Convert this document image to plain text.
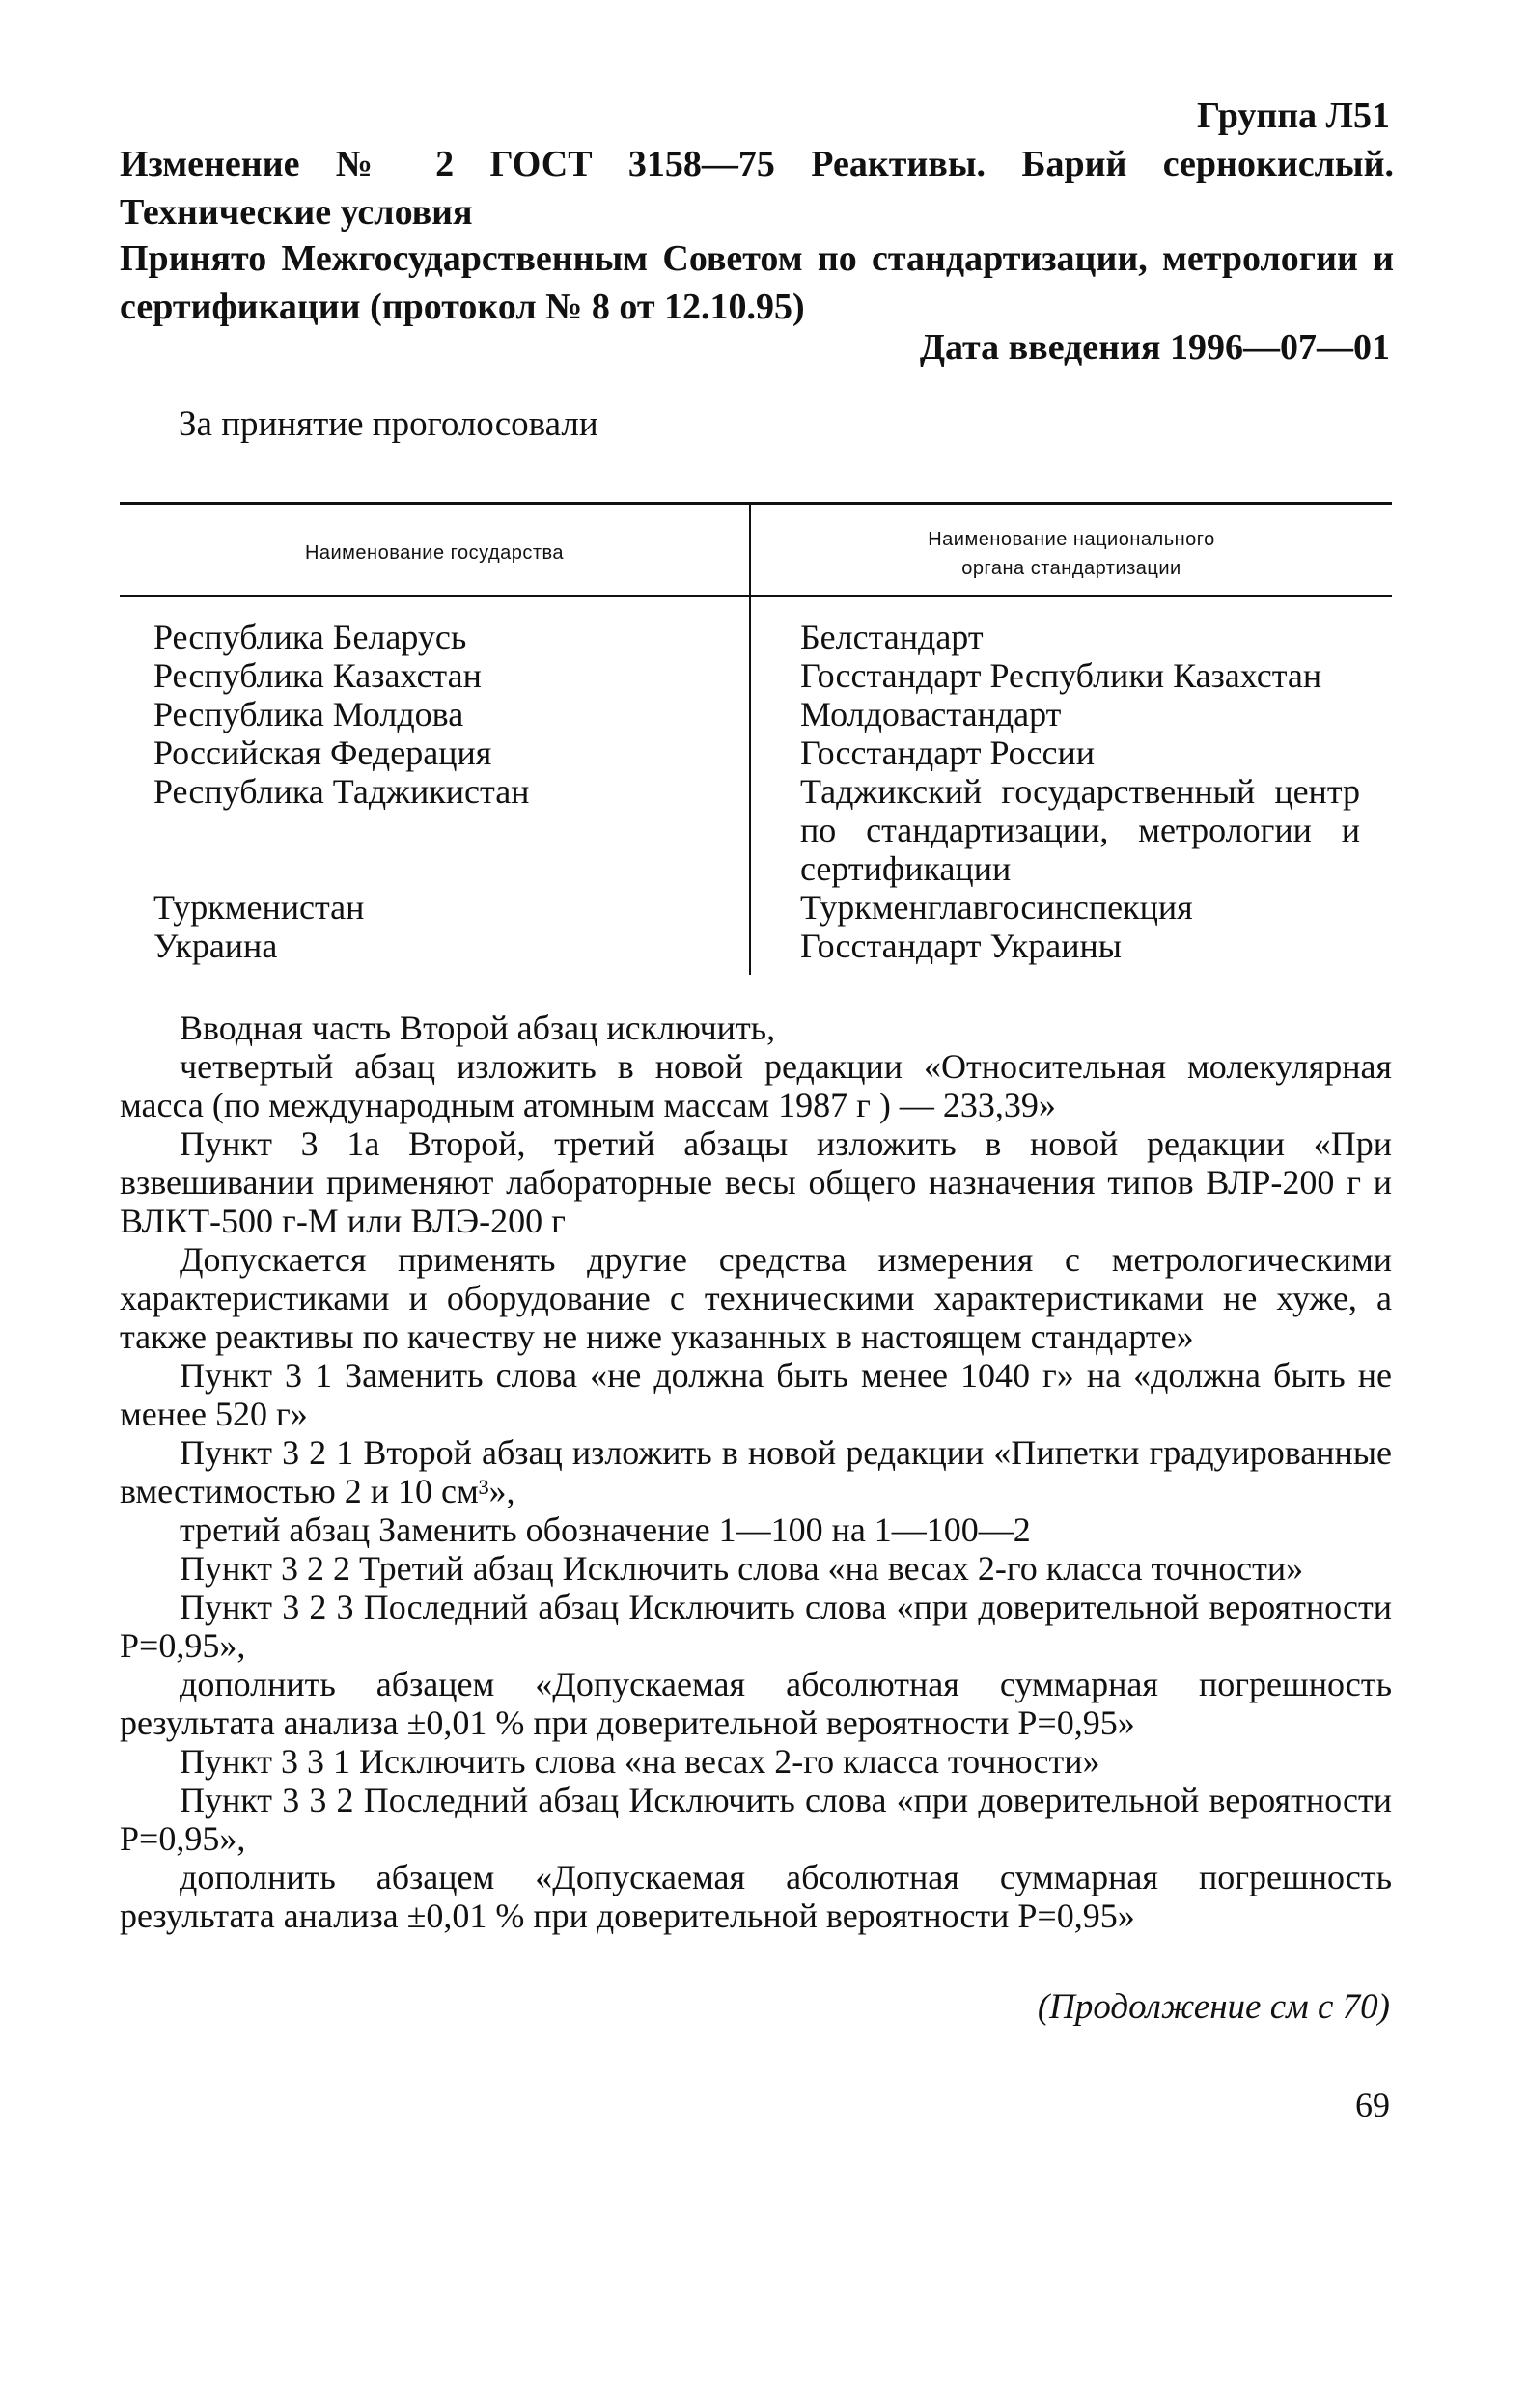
Группа Л51
Изменение № 2 ГОСТ 3158—75 Реактивы. Барий сернокислый. Технические условия
Принято Межгосударственным Советом по стандартизации, метрологии и сертификации (протокол № 8 от 12.10.95)
Дата введения 1996—07—01
За принятие проголосовали
Наименование государства
Наименование национального
органа стандартизации
Республика Беларусь
Республика Казахстан
Республика Молдова
Российская Федерация
Республика Таджикистан
Туркменистан
Украина
Белстандарт
Госстандарт Республики Казахстан
Молдовастандарт
Госстандарт России
Таджикский государственный центр по стандартизации, метрологии и сертификации
Туркменглавгосинспекция
Госстандарт Украины

Вводная часть Второй абзац исключить,

четвертый абзац изложить в новой редакции «Относительная молекулярная масса (по международным атомным массам 1987 г ) — 233,39»

Пункт 3 1а Второй, третий абзацы изложить в новой редакции «При взвешивании применяют лабораторные весы общего назначения типов ВЛР-200 г и ВЛКТ-500 г-М или ВЛЭ-200 г

Допускается применять другие средства измерения с метрологическими характеристиками и оборудование с техническими характеристиками не хуже, а также реактивы по качеству не ниже указанных в настоящем стандарте»

Пункт 3 1 Заменить слова «не должна быть менее 1040 г» на «должна быть не менее 520 г»

Пункт 3 2 1 Второй абзац изложить в новой редакции «Пипетки градуированные вместимостью 2 и 10 см³»,

третий абзац Заменить обозначение 1—100 на 1—100—2

Пункт 3 2 2 Третий абзац Исключить слова «на весах 2-го класса точности»

Пункт 3 2 3 Последний абзац Исключить слова «при доверительной вероятности P=0,95»,

дополнить абзацем «Допускаемая абсолютная суммарная погрешность результата анализа ±0,01 % при доверительной вероятности P=0,95»

Пункт 3 3 1 Исключить слова «на весах 2-го класса точности»

Пункт 3 3 2 Последний абзац Исключить слова «при доверительной вероятности P=0,95»,

дополнить абзацем «Допускаемая абсолютная суммарная погрешность результата анализа ±0,01 % при доверительной вероятности P=0,95»

(Продолжение см с 70)
69
